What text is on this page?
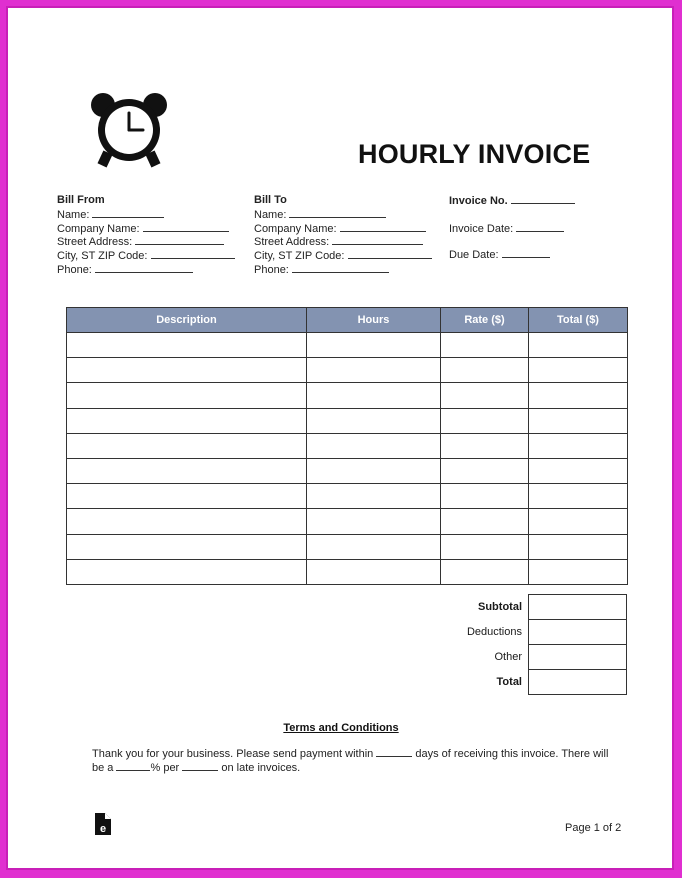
HOURLY INVOICE
Bill From
Name:
Company Name:
Street Address:
City, ST ZIP Code:
Phone:
Bill To
Name:
Company Name:
Street Address:
City, ST ZIP Code:
Phone:
Invoice No.
Invoice Date:
Due Date:
Description	Hours	Rate ($)	Total ($)

Subtotal
Deductions
Other
Total
Terms and Conditions
Thank you for your business. Please send payment within	days of receiving this invoice. There will be a	% per	on late invoices.
e	Page 1 of 2
